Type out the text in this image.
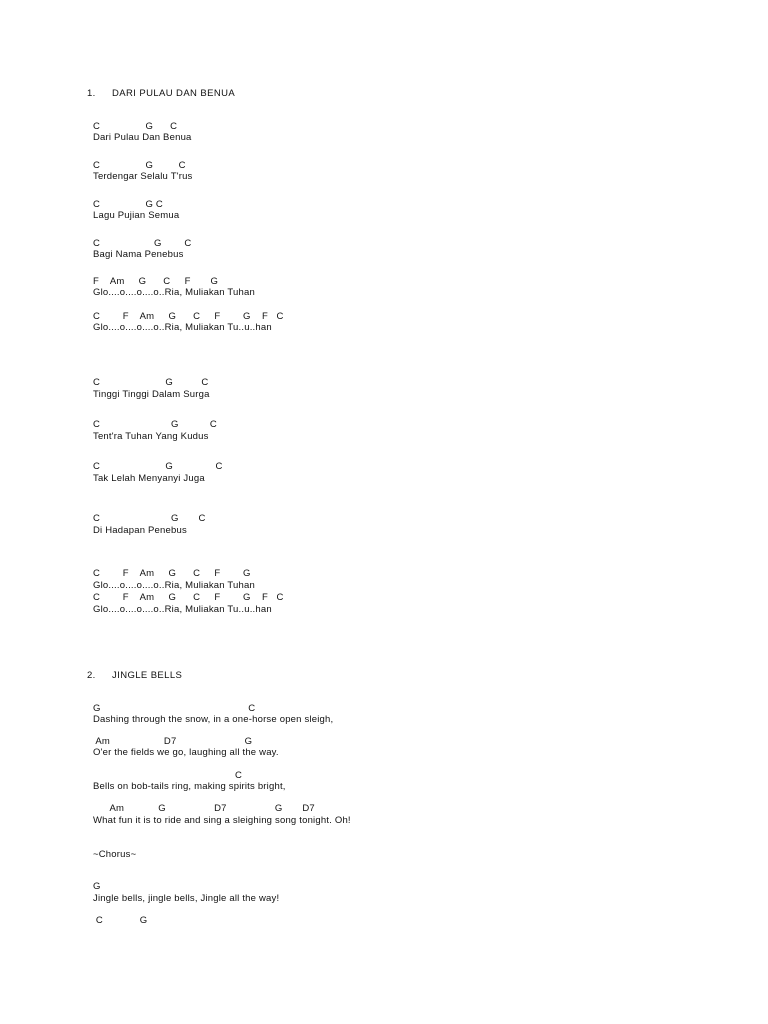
1. DARI PULAU DAN BENUA
C                G      C
Dari Pulau Dan Benua
C                G         C
Terdengar Selalu T'rus
C                G C
Lagu Pujian Semua
C                   G        C
Bagi Nama Penebus
F    Am     G      C     F       G
Glo....o....o....o..Ria, Muliakan Tuhan
C        F    Am     G      C     F        G    F   C
Glo....o....o....o..Ria, Muliakan Tu..u..han
C                       G          C
Tinggi Tinggi Dalam Surga
C                         G           C
Tent'ra Tuhan Yang Kudus
C                       G               C
Tak Lelah Menyanyi Juga
C                         G       C
Di Hadapan Penebus
C        F    Am     G      C     F        G
Glo....o....o....o..Ria, Muliakan Tuhan
C        F    Am     G      C     F        G    F   C
Glo....o....o....o..Ria, Muliakan Tu..u..han
2. JINGLE BELLS
G                                                    C
Dashing through the snow, in a one-horse open sleigh,
Am                   D7                        G
O'er the fields we go, laughing all the way.
C
Bells on bob-tails ring, making spirits bright,
Am            G                 D7                 G       D7
What fun it is to ride and sing a sleighing song tonight. Oh!
~Chorus~
G
Jingle bells, jingle bells, Jingle all the way!
C             G
